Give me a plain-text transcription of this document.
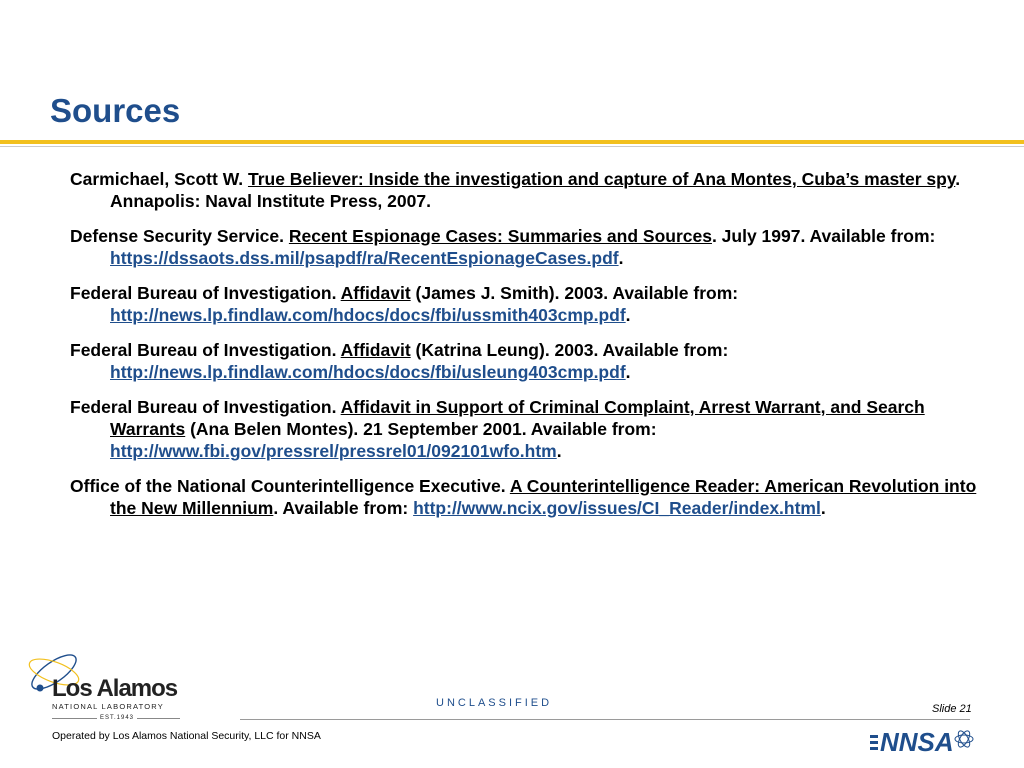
Sources
Carmichael, Scott W. True Believer: Inside the investigation and capture of Ana Montes, Cuba’s master spy. Annapolis: Naval Institute Press, 2007.
Defense Security Service. Recent Espionage Cases: Summaries and Sources. July 1997. Available from: https://dssaots.dss.mil/psapdf/ra/RecentEspionageCases.pdf.
Federal Bureau of Investigation. Affidavit (James J. Smith). 2003. Available from: http://news.lp.findlaw.com/hdocs/docs/fbi/ussmith403cmp.pdf.
Federal Bureau of Investigation. Affidavit (Katrina Leung). 2003. Available from: http://news.lp.findlaw.com/hdocs/docs/fbi/usleung403cmp.pdf.
Federal Bureau of Investigation. Affidavit in Support of Criminal Complaint, Arrest Warrant, and Search Warrants (Ana Belen Montes). 21 September 2001. Available from: http://www.fbi.gov/pressrel/pressrel01/092101wfo.htm.
Office of the National Counterintelligence Executive. A Counterintelligence Reader: American Revolution into the New Millennium. Available from: http://www.ncix.gov/issues/CI_Reader/index.html.
Los Alamos
NATIONAL LABORATORY
EST.1943
UNCLASSIFIED	Slide 21
Operated by Los Alamos National Security, LLC for NNSA	NNSA
